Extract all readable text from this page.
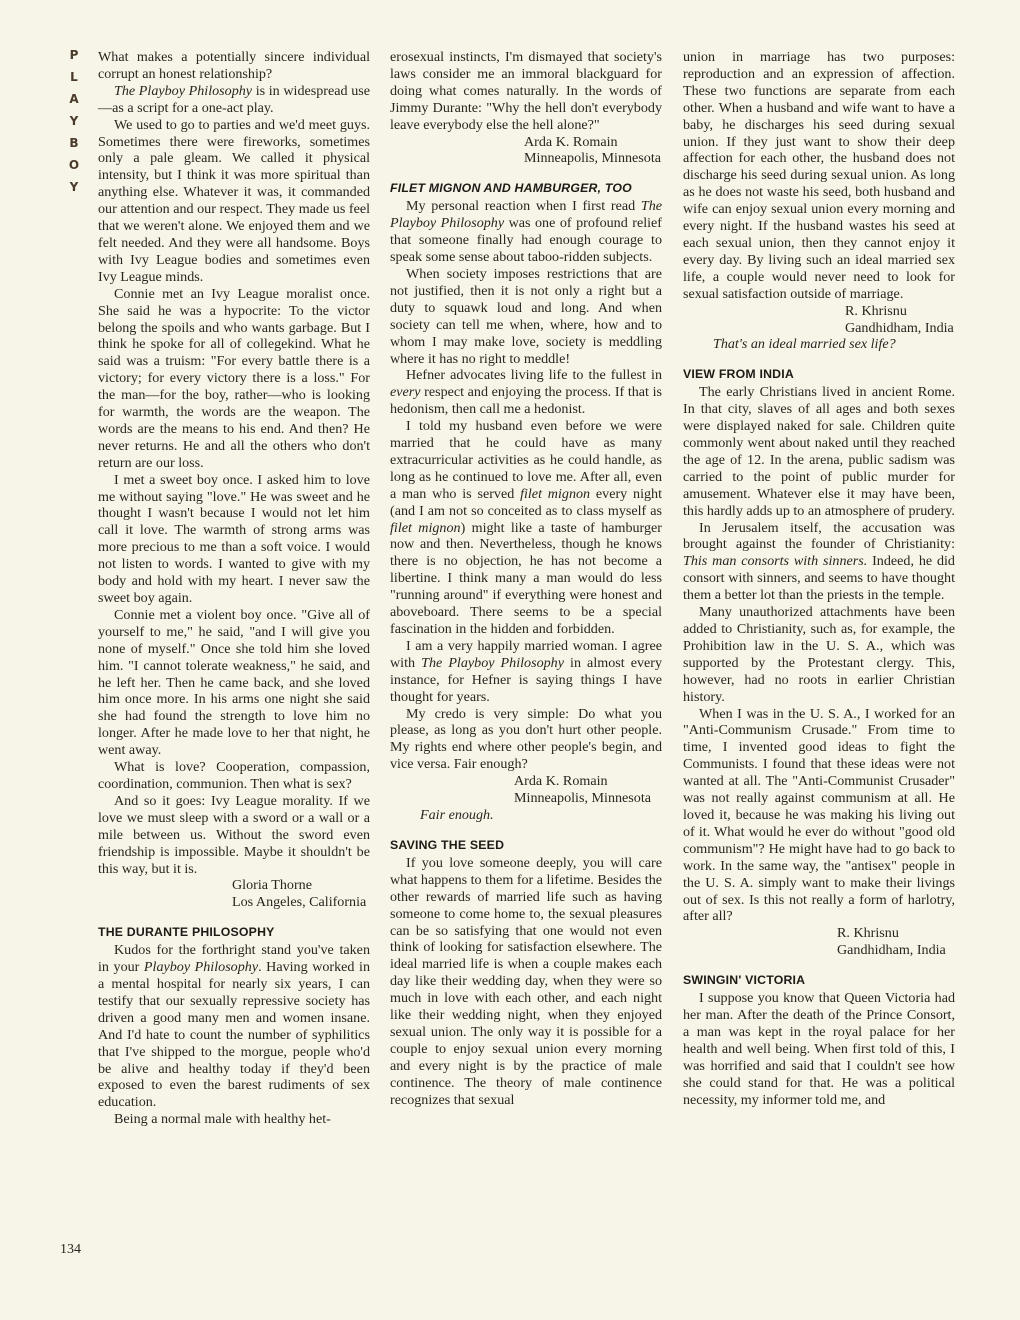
P
L
A
Y
B
O
Y
134

What makes a potentially sincere individual corrupt an honest relationship?

The Playboy Philosophy is in widespread use—as a script for a one-act play.

We used to go to parties and we'd meet guys. Sometimes there were fireworks, sometimes only a pale gleam. We called it physical intensity, but I think it was more spiritual than anything else. Whatever it was, it commanded our attention and our respect. They made us feel that we weren't alone. We enjoyed them and we felt needed. And they were all handsome. Boys with Ivy League bodies and sometimes even Ivy League minds.

Connie met an Ivy League moralist once. She said he was a hypocrite: To the victor belong the spoils and who wants garbage. But I think he spoke for all of collegekind. What he said was a truism: "For every battle there is a victory; for every victory there is a loss." For the man—for the boy, rather—who is looking for warmth, the words are the weapon. The words are the means to his end. And then? He never returns. He and all the others who don't return are our loss.

I met a sweet boy once. I asked him to love me without saying "love." He was sweet and he thought I wasn't because I would not let him call it love. The warmth of strong arms was more precious to me than a soft voice. I would not listen to words. I wanted to give with my body and hold with my heart. I never saw the sweet boy again.

Connie met a violent boy once. "Give all of yourself to me," he said, "and I will give you none of myself." Once she told him she loved him. "I cannot tolerate weakness," he said, and he left her. Then he came back, and she loved him once more. In his arms one night she said she had found the strength to love him no longer. After he made love to her that night, he went away.

What is love? Cooperation, compassion, coordination, communion. Then what is sex?

And so it goes: Ivy League morality. If we love we must sleep with a sword or a wall or a mile between us. Without the sword even friendship is impossible. Maybe it shouldn't be this way, but it is.

Gloria Thorne

Los Angeles, California

THE DURANTE PHILOSOPHY

Kudos for the forthright stand you've taken in your Playboy Philosophy. Having worked in a mental hospital for nearly six years, I can testify that our sexually repressive society has driven a good many men and women insane. And I'd hate to count the number of syphilitics that I've shipped to the morgue, people who'd be alive and healthy today if they'd been exposed to even the barest rudiments of sex education.

Being a normal male with healthy het-

erosexual instincts, I'm dismayed that society's laws consider me an immoral blackguard for doing what comes naturally. In the words of Jimmy Durante: "Why the hell don't everybody leave everybody else the hell alone?"

Arda K. Romain

Minneapolis, Minnesota

FILET MIGNON AND HAMBURGER, TOO

My personal reaction when I first read The Playboy Philosophy was one of profound relief that someone finally had enough courage to speak some sense about taboo-ridden subjects.

When society imposes restrictions that are not justified, then it is not only a right but a duty to squawk loud and long. And when society can tell me when, where, how and to whom I may make love, society is meddling where it has no right to meddle!

Hefner advocates living life to the fullest in every respect and enjoying the process. If that is hedonism, then call me a hedonist.

I told my husband even before we were married that he could have as many extracurricular activities as he could handle, as long as he continued to love me. After all, even a man who is served filet mignon every night (and I am not so conceited as to class myself as filet mignon) might like a taste of hamburger now and then. Nevertheless, though he knows there is no objection, he has not become a libertine. I think many a man would do less "running around" if everything were honest and aboveboard. There seems to be a special fascination in the hidden and forbidden.

I am a very happily married woman. I agree with The Playboy Philosophy in almost every instance, for Hefner is saying things I have thought for years.

My credo is very simple: Do what you please, as long as you don't hurt other people. My rights end where other people's begin, and vice versa. Fair enough?

Arda K. Romain

Minneapolis, Minnesota

Fair enough.

SAVING THE SEED

If you love someone deeply, you will care what happens to them for a lifetime. Besides the other rewards of married life such as having someone to come home to, the sexual pleasures can be so satisfying that one would not even think of looking for satisfaction elsewhere. The ideal married life is when a couple makes each day like their wedding day, when they were so much in love with each other, and each night like their wedding night, when they enjoyed sexual union. The only way it is possible for a couple to enjoy sexual union every morning and every night is by the practice of male continence. The theory of male continence recognizes that sexual

union in marriage has two purposes: reproduction and an expression of affection. These two functions are separate from each other. When a husband and wife want to have a baby, he discharges his seed during sexual union. If they just want to show their deep affection for each other, the husband does not discharge his seed during sexual union. As long as he does not waste his seed, both husband and wife can enjoy sexual union every morning and every night. If the husband wastes his seed at each sexual union, then they cannot enjoy it every day. By living such an ideal married sex life, a couple would never need to look for sexual satisfaction outside of marriage.

R. Khrisnu

Gandhidham, India

That's an ideal married sex life?

VIEW FROM INDIA

The early Christians lived in ancient Rome. In that city, slaves of all ages and both sexes were displayed naked for sale. Children quite commonly went about naked until they reached the age of 12. In the arena, public sadism was carried to the point of public murder for amusement. Whatever else it may have been, this hardly adds up to an atmosphere of prudery.

In Jerusalem itself, the accusation was brought against the founder of Christianity: This man consorts with sinners. Indeed, he did consort with sinners, and seems to have thought them a better lot than the priests in the temple.

Many unauthorized attachments have been added to Christianity, such as, for example, the Prohibition law in the U. S. A., which was supported by the Protestant clergy. This, however, had no roots in earlier Christian history.

When I was in the U. S. A., I worked for an "Anti-Communism Crusade." From time to time, I invented good ideas to fight the Communists. I found that these ideas were not wanted at all. The "Anti-Communist Crusader" was not really against communism at all. He loved it, because he was making his living out of it. What would he ever do without "good old communism"? He might have had to go back to work. In the same way, the "antisex" people in the U. S. A. simply want to make their livings out of sex. Is this not really a form of harlotry, after all?

R. Khrisnu

Gandhidham, India

SWINGIN' VICTORIA

I suppose you know that Queen Victoria had her man. After the death of the Prince Consort, a man was kept in the royal palace for her health and well being. When first told of this, I was horrified and said that I couldn't see how she could stand for that. He was a political necessity, my informer told me, and
